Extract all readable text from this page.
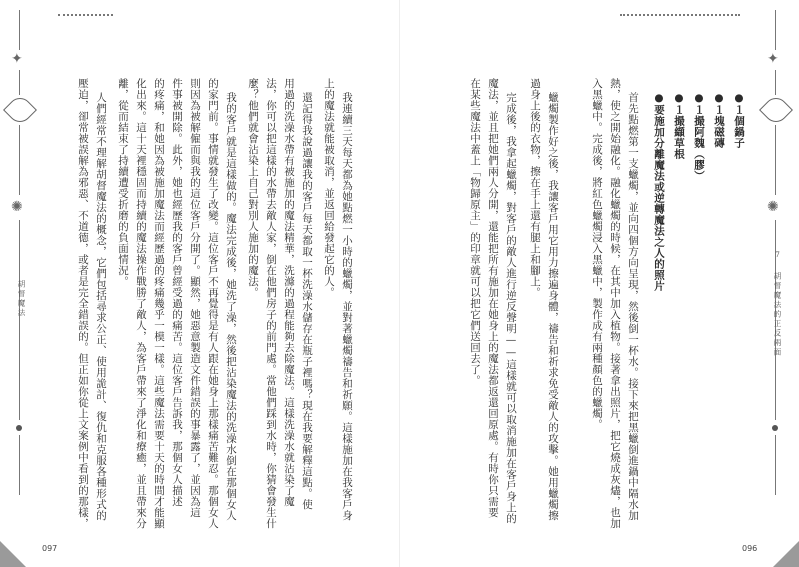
✦
✺
✦
✺
7 胡督魔法的正反兩面
胡督魔法
096
097
●１個鍋子
●１塊磁磚
●１撮阿魏（膠）
●１撮纈草根
●要施加分離魔法或逆轉魔法之人的照片
首先點燃第一支蠟燭，並向四個方向呈現，然後倒一杯水。接下來把黑蠟倒進鍋中隔水加
熱，使之開始融化。融化蠟燭的時候，在其中加入植物。接著拿出照片，把它燒成灰燼，也加
入黑蠟中。完成後，將紅色蠟燭浸入黑蠟中，製作成有兩種顏色的蠟燭。
蠟燭製作好之後，我讓客戶用它用力擦遍身體，禱告和祈求免受敵人的攻擊。她用蠟燭擦
過身上後的衣物，擦在手上還有腿上和腳上。
完成後，我拿起蠟燭，對客戶的敵人進行逆反聲明——這樣就可以取消施加在客戶身上的
魔法，並且把她們兩人分開，還能把所有施加在她身上的魔法都返還回原處。有時你只需要
在某些魔法中蓋上「物歸原主」的印章就可以把它們送回去了。
我連續三天每天都為她點燃一小時的蠟燭，並對著蠟燭禱告和祈願。這樣施加在我客戶身
上的魔法就能被取消，並返回給發起它的人。
還記得我說過讓我的客戶每天都取一杯洗澡水儲存在瓶子裡嗎？現在我要解釋這點。使
用過的洗澡水帶有被施加的魔法精華，洗滌的過程能夠去除魔法。這樣洗澡水就沾染了魔
法，你可以把這樣的水帶去敵人家，倒在他們房子的前門處。當他們踩到水時，你猜會發生什
麼？他們就會沾染上自己對別人施加的魔法。
我的客戶就是這樣做的。魔法完成後，她洗了澡，然後把沾染魔法的洗澡水倒在那個女人
的家門前。事情就發生了改變。這位客戶不再覺得是有人跟在她身上那樣痛苦難忍。那個女人
則因為被解僱而與我的這位客戶分開了。顯然，她惡意製造文件錯誤的事暴露了，並因為這
件事被開除。此外，她也經歷我的客戶曾經受過的痛苦。這位客戶告訴我，那個女人描述
的疼痛，和她因為被施加魔法而經歷過的疼痛幾乎一模一樣。這些魔法需要十天的時間才能顯
化出來。這十天裡穩固而持續的魔法操作戰勝了敵人，為客戶帶來了淨化和療癒，並且帶來分
離，從而結束了持續遭受折磨的負面情況。
人們經常不理解胡督魔法的概念，它們包括尋求公正、使用詭計、復仇和克服各種形式的
壓迫，卻常被誤解為邪惡、不道德，或者是完全錯誤的。但正如你從上文案例中看到的那樣，
